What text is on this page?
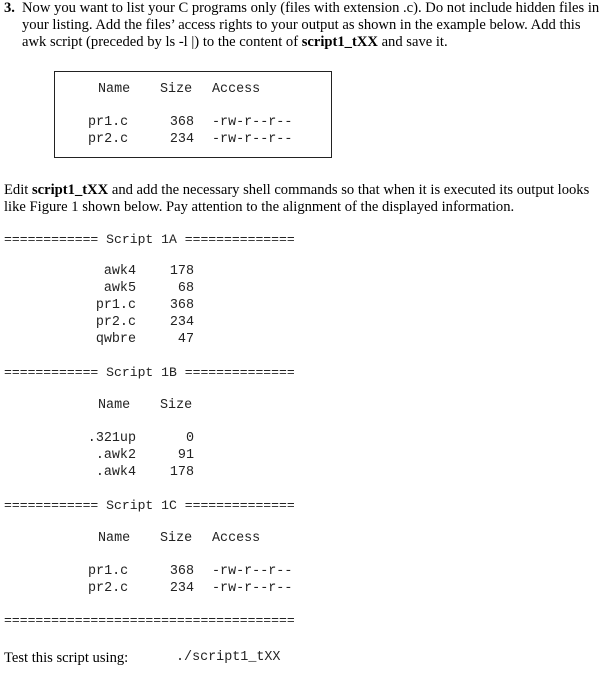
3. Now you want to list your C programs only (files with extension .c). Do not include hidden files in
your listing. Add the files’ access rights to your output as shown in the example below. Add this
awk script (preceded by ls -l |) to the content of script1_tXX and save it.
Name Size Access
pr1.c	368 -rw-r--r--
pr2.c	234 -rw-r--r--
Edit script1_tXX and add the necessary shell commands so that when it is executed its output looks
like Figure 1 shown below. Pay attention to the alignment of the displayed information.
============ Script 1A ==============
awk4	178
awk5	68
pr1.c	368
pr2.c	234
qwbre	47
============ Script 1B ==============
Name Size
.321up	0
.awk2	91
.awk4	178
============ Script 1C ==============
Name Size Access
pr1.c	368 -rw-r--r--
pr2.c	234 -rw-r--r--
=====================================
Test this script using:	./script1_tXX
